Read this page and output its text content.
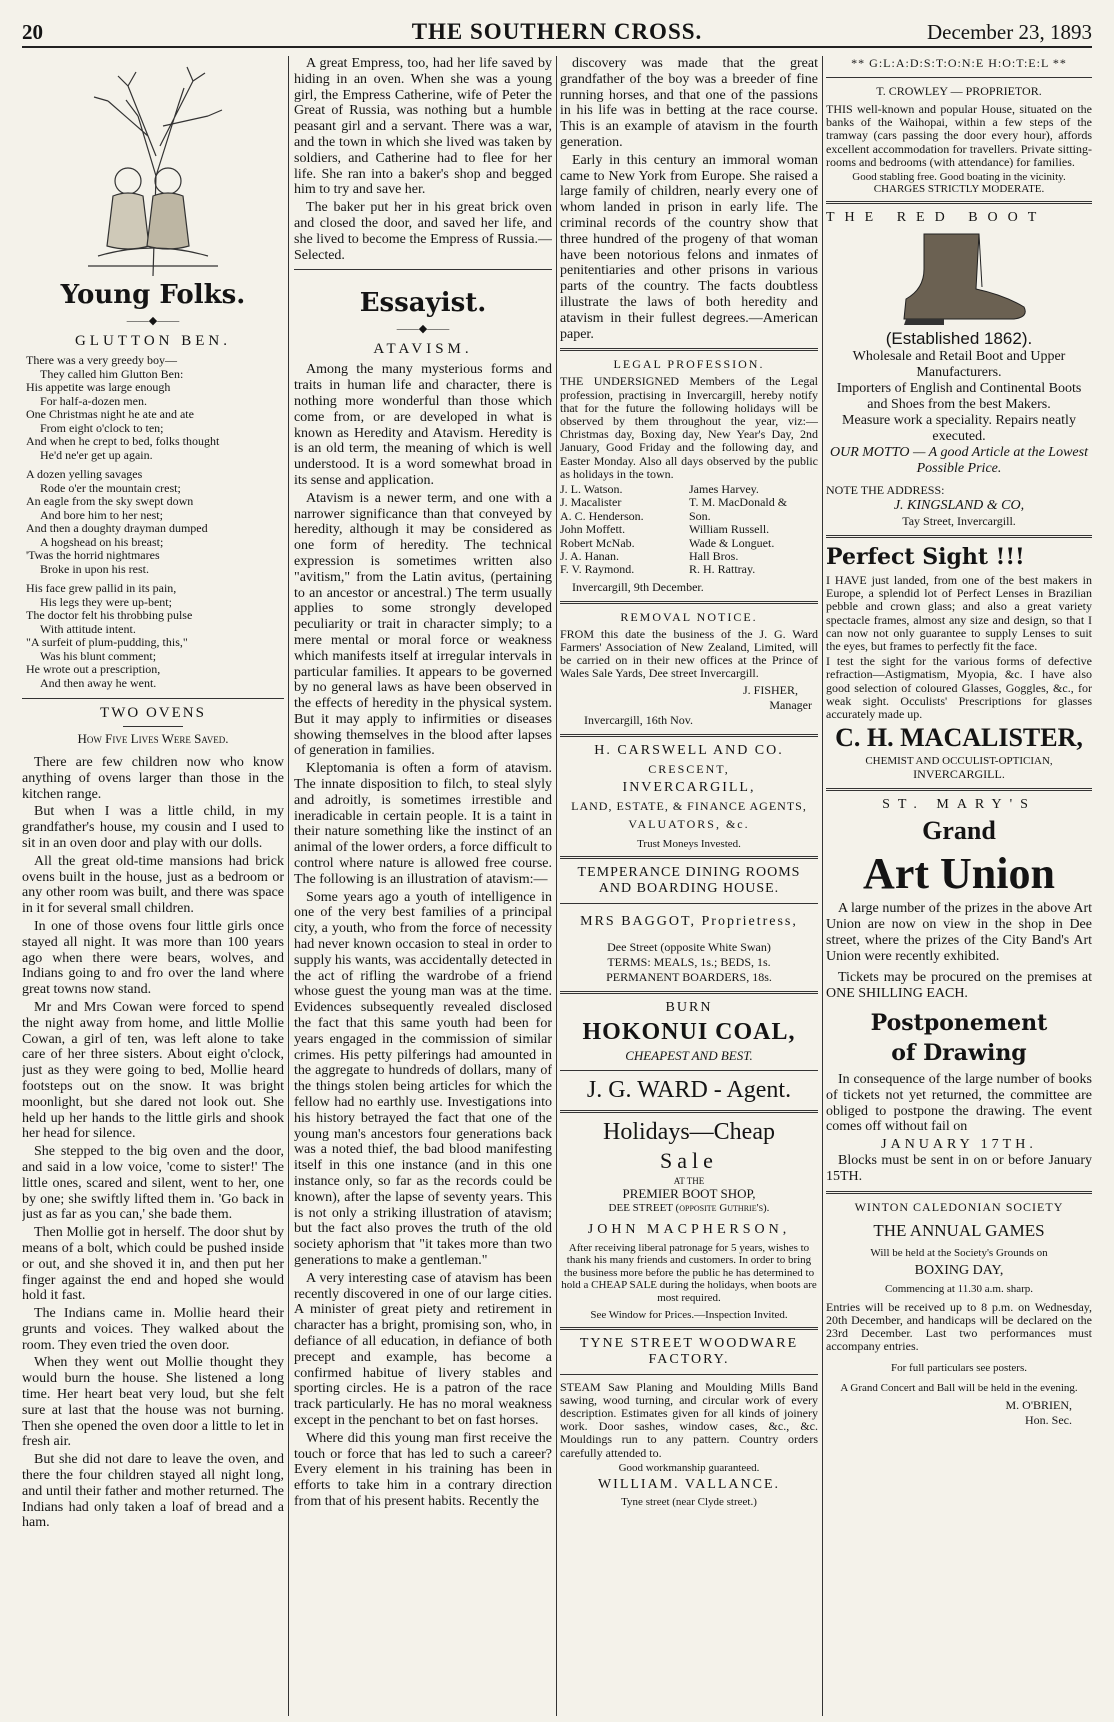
20	THE SOUTHERN CROSS.	December 23, 1893
Young Folks.
——◆——
GLUTTON BEN.
There was a very greedy boy—
They called him Glutton Ben:
His appetite was large enough
For half-a-dozen men.
One Christmas night he ate and ate
From eight o'clock to ten;
And when he crept to bed, folks thought
He'd ne'er get up again.
A dozen yelling savages
Rode o'er the mountain crest;
An eagle from the sky swept down
And bore him to her nest;
And then a doughty drayman dumped
A hogshead on his breast;
'Twas the horrid nightmares
Broke in upon his rest.
His face grew pallid in its pain,
His legs they were up-bent;
The doctor felt his throbbing pulse
With attitude intent.
"A surfeit of plum-pudding, this,"
Was his blunt comment;
He wrote out a prescription,
And then away he went.
TWO OVENS
How Five Lives Were Saved.

There are few children now who know anything of ovens larger than those in the kitchen range.

But when I was a little child, in my grandfather's house, my cousin and I used to sit in an oven door and play with our dolls.

All the great old-time mansions had brick ovens built in the house, just as a bedroom or any other room was built, and there was space in it for several small children.

In one of those ovens four little girls once stayed all night. It was more than 100 years ago when there were bears, wolves, and Indians going to and fro over the land where great towns now stand.

Mr and Mrs Cowan were forced to spend the night away from home, and little Mollie Cowan, a girl of ten, was left alone to take care of her three sisters. About eight o'clock, just as they were going to bed, Mollie heard footsteps out on the snow. It was bright moonlight, but she dared not look out. She held up her hands to the little girls and shook her head for silence.

She stepped to the big oven and the door, and said in a low voice, 'come to sister!' The little ones, scared and silent, went to her, one by one; she swiftly lifted them in. 'Go back in just as far as you can,' she bade them.

Then Mollie got in herself. The door shut by means of a bolt, which could be pushed inside or out, and she shoved it in, and then put her finger against the end and hoped she would hold it fast.

The Indians came in. Mollie heard their grunts and voices. They walked about the room. They even tried the oven door.

When they went out Mollie thought they would burn the house. She listened a long time. Her heart beat very loud, but she felt sure at last that the house was not burning. Then she opened the oven door a little to let in fresh air.

But she did not dare to leave the oven, and there the four children stayed all night long, and until their father and mother returned. The Indians had only taken a loaf of bread and a ham.

A great Empress, too, had her life saved by hiding in an oven. When she was a young girl, the Empress Catherine, wife of Peter the Great of Russia, was nothing but a humble peasant girl and a servant. There was a war, and the town in which she lived was taken by soldiers, and Catherine had to flee for her life. She ran into a baker's shop and begged him to try and save her.

The baker put her in his great brick oven and closed the door, and saved her life, and she lived to become the Empress of Russia.—Selected.

Essayist.
——◆——
ATAVISM.

Among the many mysterious forms and traits in human life and character, there is nothing more wonderful than those which come from, or are developed in what is known as Heredity and Atavism. Heredity is is an old term, the meaning of which is well understood. It is a word somewhat broad in its sense and application.

Atavism is a newer term, and one with a narrower significance than that conveyed by heredity, although it may be considered as one form of heredity. The technical expression is sometimes written also "avitism," from the Latin avitus, (pertaining to an ancestor or ancestral.) The term usually applies to some strongly developed peculiarity or trait in character simply; to a mere mental or moral force or weakness which manifests itself at irregular intervals in particular families. It appears to be governed by no general laws as have been observed in the effects of heredity in the physical system. But it may apply to infirmities or diseases showing themselves in the blood after lapses of generation in families.

Kleptomania is often a form of atavism. The innate disposition to filch, to steal slyly and adroitly, is sometimes irrestible and ineradicable in certain people. It is a taint in their nature something like the instinct of an animal of the lower orders, a force difficult to control where nature is allowed free course. The following is an illustration of atavism:—

Some years ago a youth of intelligence in one of the very best families of a principal city, a youth, who from the force of necessity had never known occasion to steal in order to supply his wants, was accidentally detected in the act of rifling the wardrobe of a friend whose guest the young man was at the time. Evidences subsequently revealed disclosed the fact that this same youth had been for years engaged in the commission of similar crimes. His petty pilferings had amounted in the aggregate to hundreds of dollars, many of the things stolen being articles for which the fellow had no earthly use. Investigations into his history betrayed the fact that one of the young man's ancestors four generations back was a noted thief, the bad blood manifesting itself in this one instance (and in this one instance only, so far as the records could be known), after the lapse of seventy years. This is not only a striking illustration of atavism; but the fact also proves the truth of the old society aphorism that "it takes more than two generations to make a gentleman."

A very interesting case of atavism has been recently discovered in one of our large cities. A minister of great piety and retirement in character has a bright, promising son, who, in defiance of all education, in defiance of both precept and example, has become a confirmed habitue of livery stables and sporting circles. He is a patron of the race track particularly. He has no moral weakness except in the penchant to bet on fast horses.

Where did this young man first receive the touch or force that has led to such a career? Every element in his training has been in efforts to take him in a contrary direction from that of his present habits. Recently the

discovery was made that the great grandfather of the boy was a breeder of fine running horses, and that one of the passions in his life was in betting at the race course. This is an example of atavism in the fourth generation.

Early in this century an immoral woman came to New York from Europe. She raised a large family of children, nearly every one of whom landed in prison in early life. The criminal records of the country show that three hundred of the progeny of that woman have been notorious felons and inmates of penitentiaries and other prisons in various parts of the country. The facts doubtless illustrate the laws of both heredity and atavism in their fullest degrees.—American paper.

LEGAL PROFESSION.

THE UNDERSIGNED Members of the Legal profession, practising in Invercargill, hereby notify that for the future the following holidays will be observed by them throughout the year, viz:— Christmas day, Boxing day, New Year's Day, 2nd January, Good Friday and the following day, and Easter Monday. Also all days observed by the public as holidays in the town.

J. L. Watson.
J. Macalister
A. C. Henderson.
John Moffett.
Robert McNab.
J. A. Hanan.
F. V. Raymond.
James Harvey.
T. M. MacDonald &
Son.
William Russell.
Wade & Longuet.
Hall Bros.
R. H. Rattray.
Invercargill, 9th December.
REMOVAL NOTICE.

FROM this date the business of the J. G. Ward Farmers' Association of New Zealand, Limited, will be carried on in their new offices at the Prince of Wales Sale Yards, Dee street Invercargill.

J. FISHER,
Manager
Invercargill, 16th Nov.
H. CARSWELL AND CO.
CRESCENT,
INVERCARGILL,
LAND, ESTATE, & FINANCE AGENTS,
VALUATORS, &c.
Trust Moneys Invested.
TEMPERANCE DINING ROOMS AND BOARDING HOUSE.
MRS BAGGOT, Proprietress,
Dee Street (opposite White Swan)
TERMS: MEALS, 1s.; BEDS, 1s.
PERMANENT BOARDERS, 18s.
BURN
HOKONUI COAL,
CHEAPEST AND BEST.
J. G. WARD - Agent.
Holidays—Cheap
Sale
AT THE
PREMIER BOOT SHOP,
DEE STREET (opposite Guthrie's).
JOHN MACPHERSON,
After receiving liberal patronage for 5 years, wishes to thank his many friends and customers. In order to bring the business more before the public he has determined to hold a CHEAP SALE during the holidays, when boots are most required.
See Window for Prices.—Inspection Invited.
TYNE STREET WOODWARE FACTORY.

STEAM Saw Planing and Moulding Mills Band sawing, wood turning, and circular work of every description. Estimates given for all kinds of joinery work. Door sashes, window cases, &c., &c. Mouldings run to any pattern. Country orders carefully attended to.

Good workmanship guaranteed.
WILLIAM. VALLANCE.
Tyne street (near Clyde street.)
** G:L:A:D:S:T:O:N:E H:O:T:E:L **
T. CROWLEY — PROPRIETOR.

THIS well-known and popular House, situated on the banks of the Waihopai, within a few steps of the tramway (cars passing the door every hour), affords excellent accommodation for travellers. Private sitting-rooms and bedrooms (with attendance) for families.

Good stabling free. Good boating in the vicinity.
CHARGES STRICTLY MODERATE.
THE RED BOOT
(Established 1862).
Wholesale and Retail Boot and Upper Manufacturers.
Importers of English and Continental Boots and Shoes from the best Makers.
Measure work a speciality. Repairs neatly executed.
OUR MOTTO — A good Article at the Lowest Possible Price.
NOTE THE ADDRESS:
J. KINGSLAND & CO,
Tay Street, Invercargill.
Perfect Sight !!!

I HAVE just landed, from one of the best makers in Europe, a splendid lot of Perfect Lenses in Brazilian pebble and crown glass; and also a great variety spectacle frames, almost any size and design, so that I can now not only guarantee to supply Lenses to suit the eyes, but frames to perfectly fit the face.

I test the sight for the various forms of defective refraction—Astigmatism, Myopia, &c. I have also good selection of coloured Glasses, Goggles, &c., for weak sight. Occulists' Prescriptions for glasses accurately made up.

C. H. MACALISTER,
CHEMIST AND OCCULIST-OPTICIAN,
INVERCARGILL.
ST. MARY'S
Grand
Art Union

A large number of the prizes in the above Art Union are now on view in the shop in Dee street, where the prizes of the City Band's Art Union were recently exhibited.

Tickets may be procured on the premises at ONE SHILLING EACH.

Postponement
of Drawing

In consequence of the large number of books of tickets not yet returned, the committee are obliged to postpone the drawing. The event comes off without fail on

JANUARY 17TH.

Blocks must be sent in on or before January 15TH.

WINTON CALEDONIAN SOCIETY
THE ANNUAL GAMES
Will be held at the Society's Grounds on
BOXING DAY,
Commencing at 11.30 a.m. sharp.

Entries will be received up to 8 p.m. on Wednesday, 20th December, and handicaps will be declared on the 23rd December. Last two performances must accompany entries.

For full particulars see posters.
A Grand Concert and Ball will be held in the evening.
M. O'BRIEN,
Hon. Sec.
